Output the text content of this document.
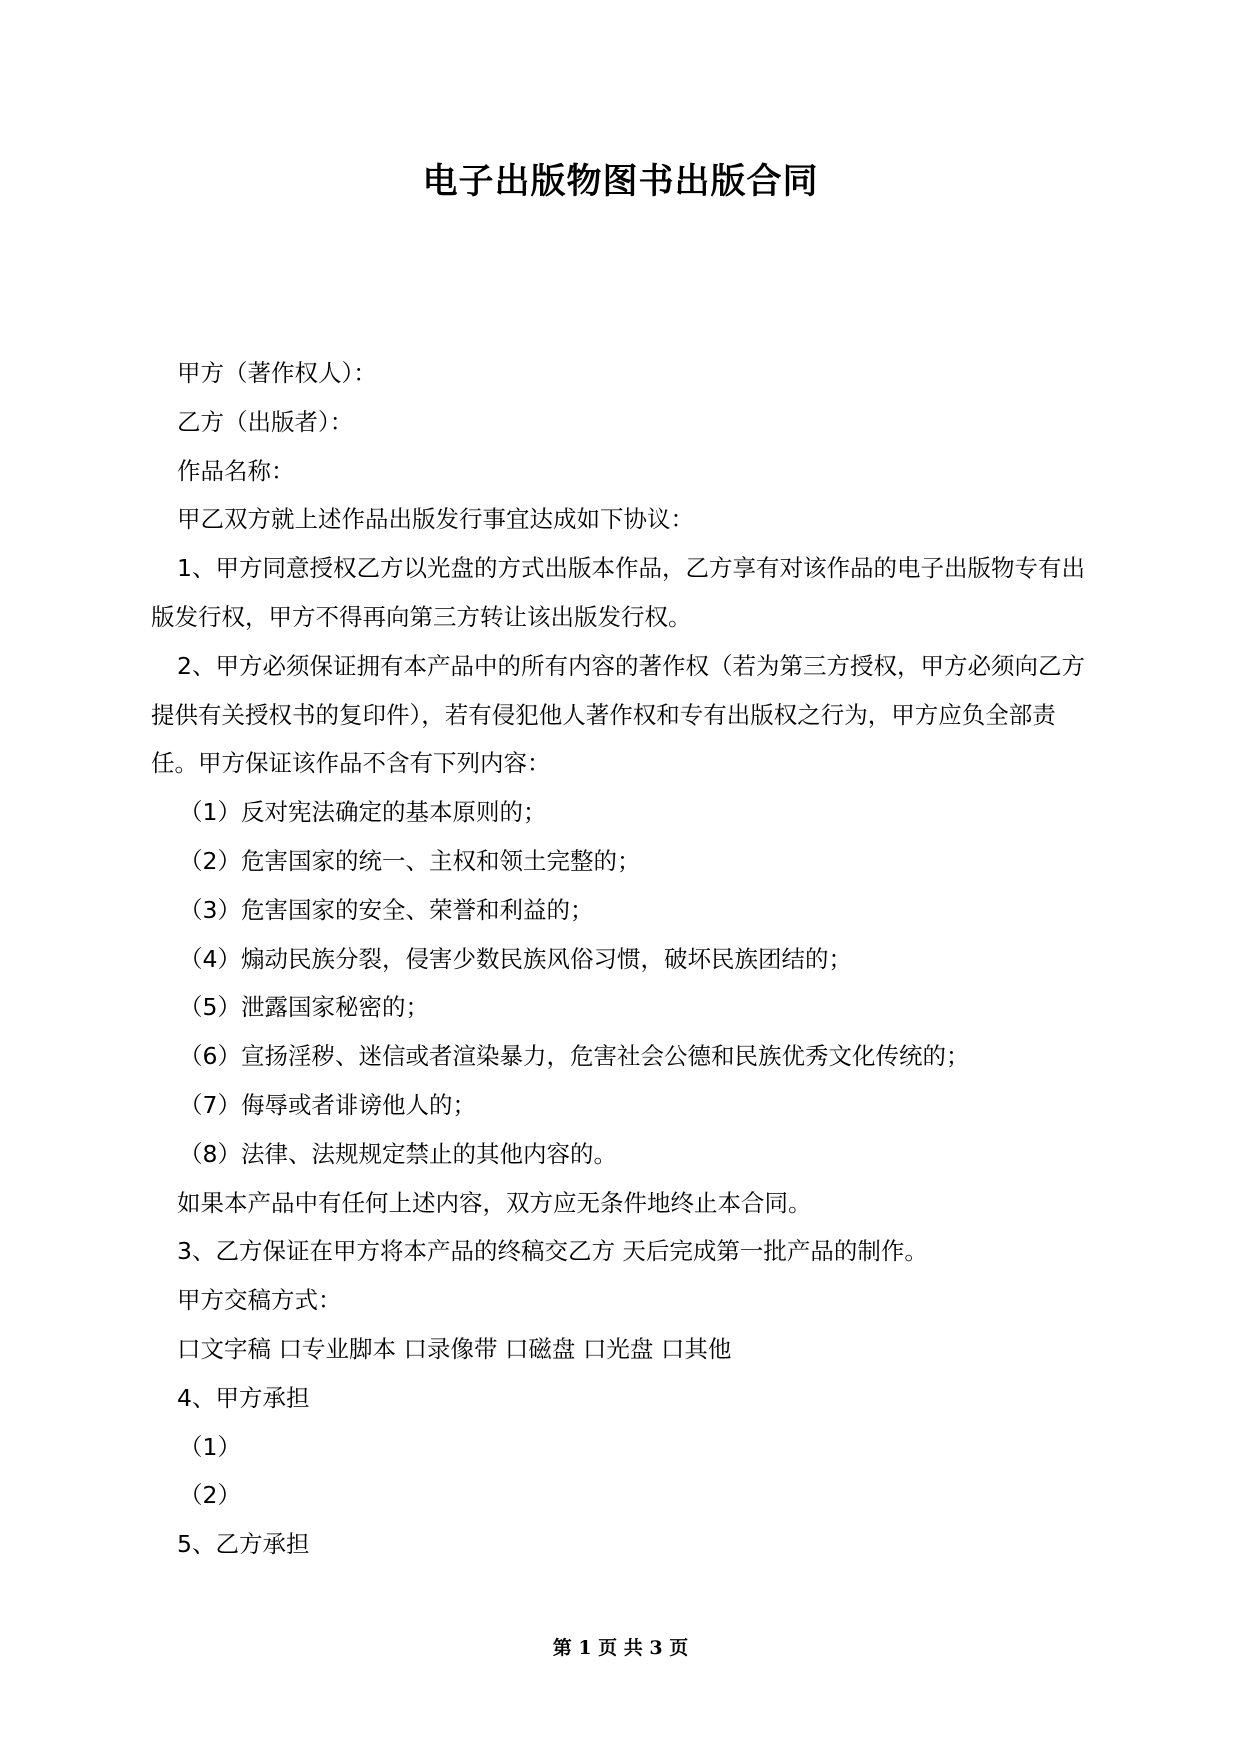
电子出版物图书出版合同

甲方（著作权人）：

乙方（出版者）：

作品名称：

甲乙双方就上述作品出版发行事宜达成如下协议：

1、甲方同意授权乙方以光盘的方式出版本作品，乙方享有对该作品的电子出版物专有出版发行权，甲方不得再向第三方转让该出版发行权。

2、甲方必须保证拥有本产品中的所有内容的著作权（若为第三方授权，甲方必须向乙方提供有关授权书的复印件），若有侵犯他人著作权和专有出版权之行为，甲方应负全部责任。甲方保证该作品不含有下列内容：

（1）反对宪法确定的基本原则的；

（2）危害国家的统一、主权和领土完整的；

（3）危害国家的安全、荣誉和利益的；

（4）煽动民族分裂，侵害少数民族风俗习惯，破坏民族团结的；

（5）泄露国家秘密的；

（6）宣扬淫秽、迷信或者渲染暴力，危害社会公德和民族优秀文化传统的；

（7）侮辱或者诽谤他人的；

（8）法律、法规规定禁止的其他内容的。

如果本产品中有任何上述内容，双方应无条件地终止本合同。

3、乙方保证在甲方将本产品的终稿交乙方 天后完成第一批产品的制作。

甲方交稿方式：

口文字稿 口专业脚本 口录像带 口磁盘 口光盘 口其他

4、甲方承担

（1）

（2）

5、乙方承担

第 1 页 共 3 页
